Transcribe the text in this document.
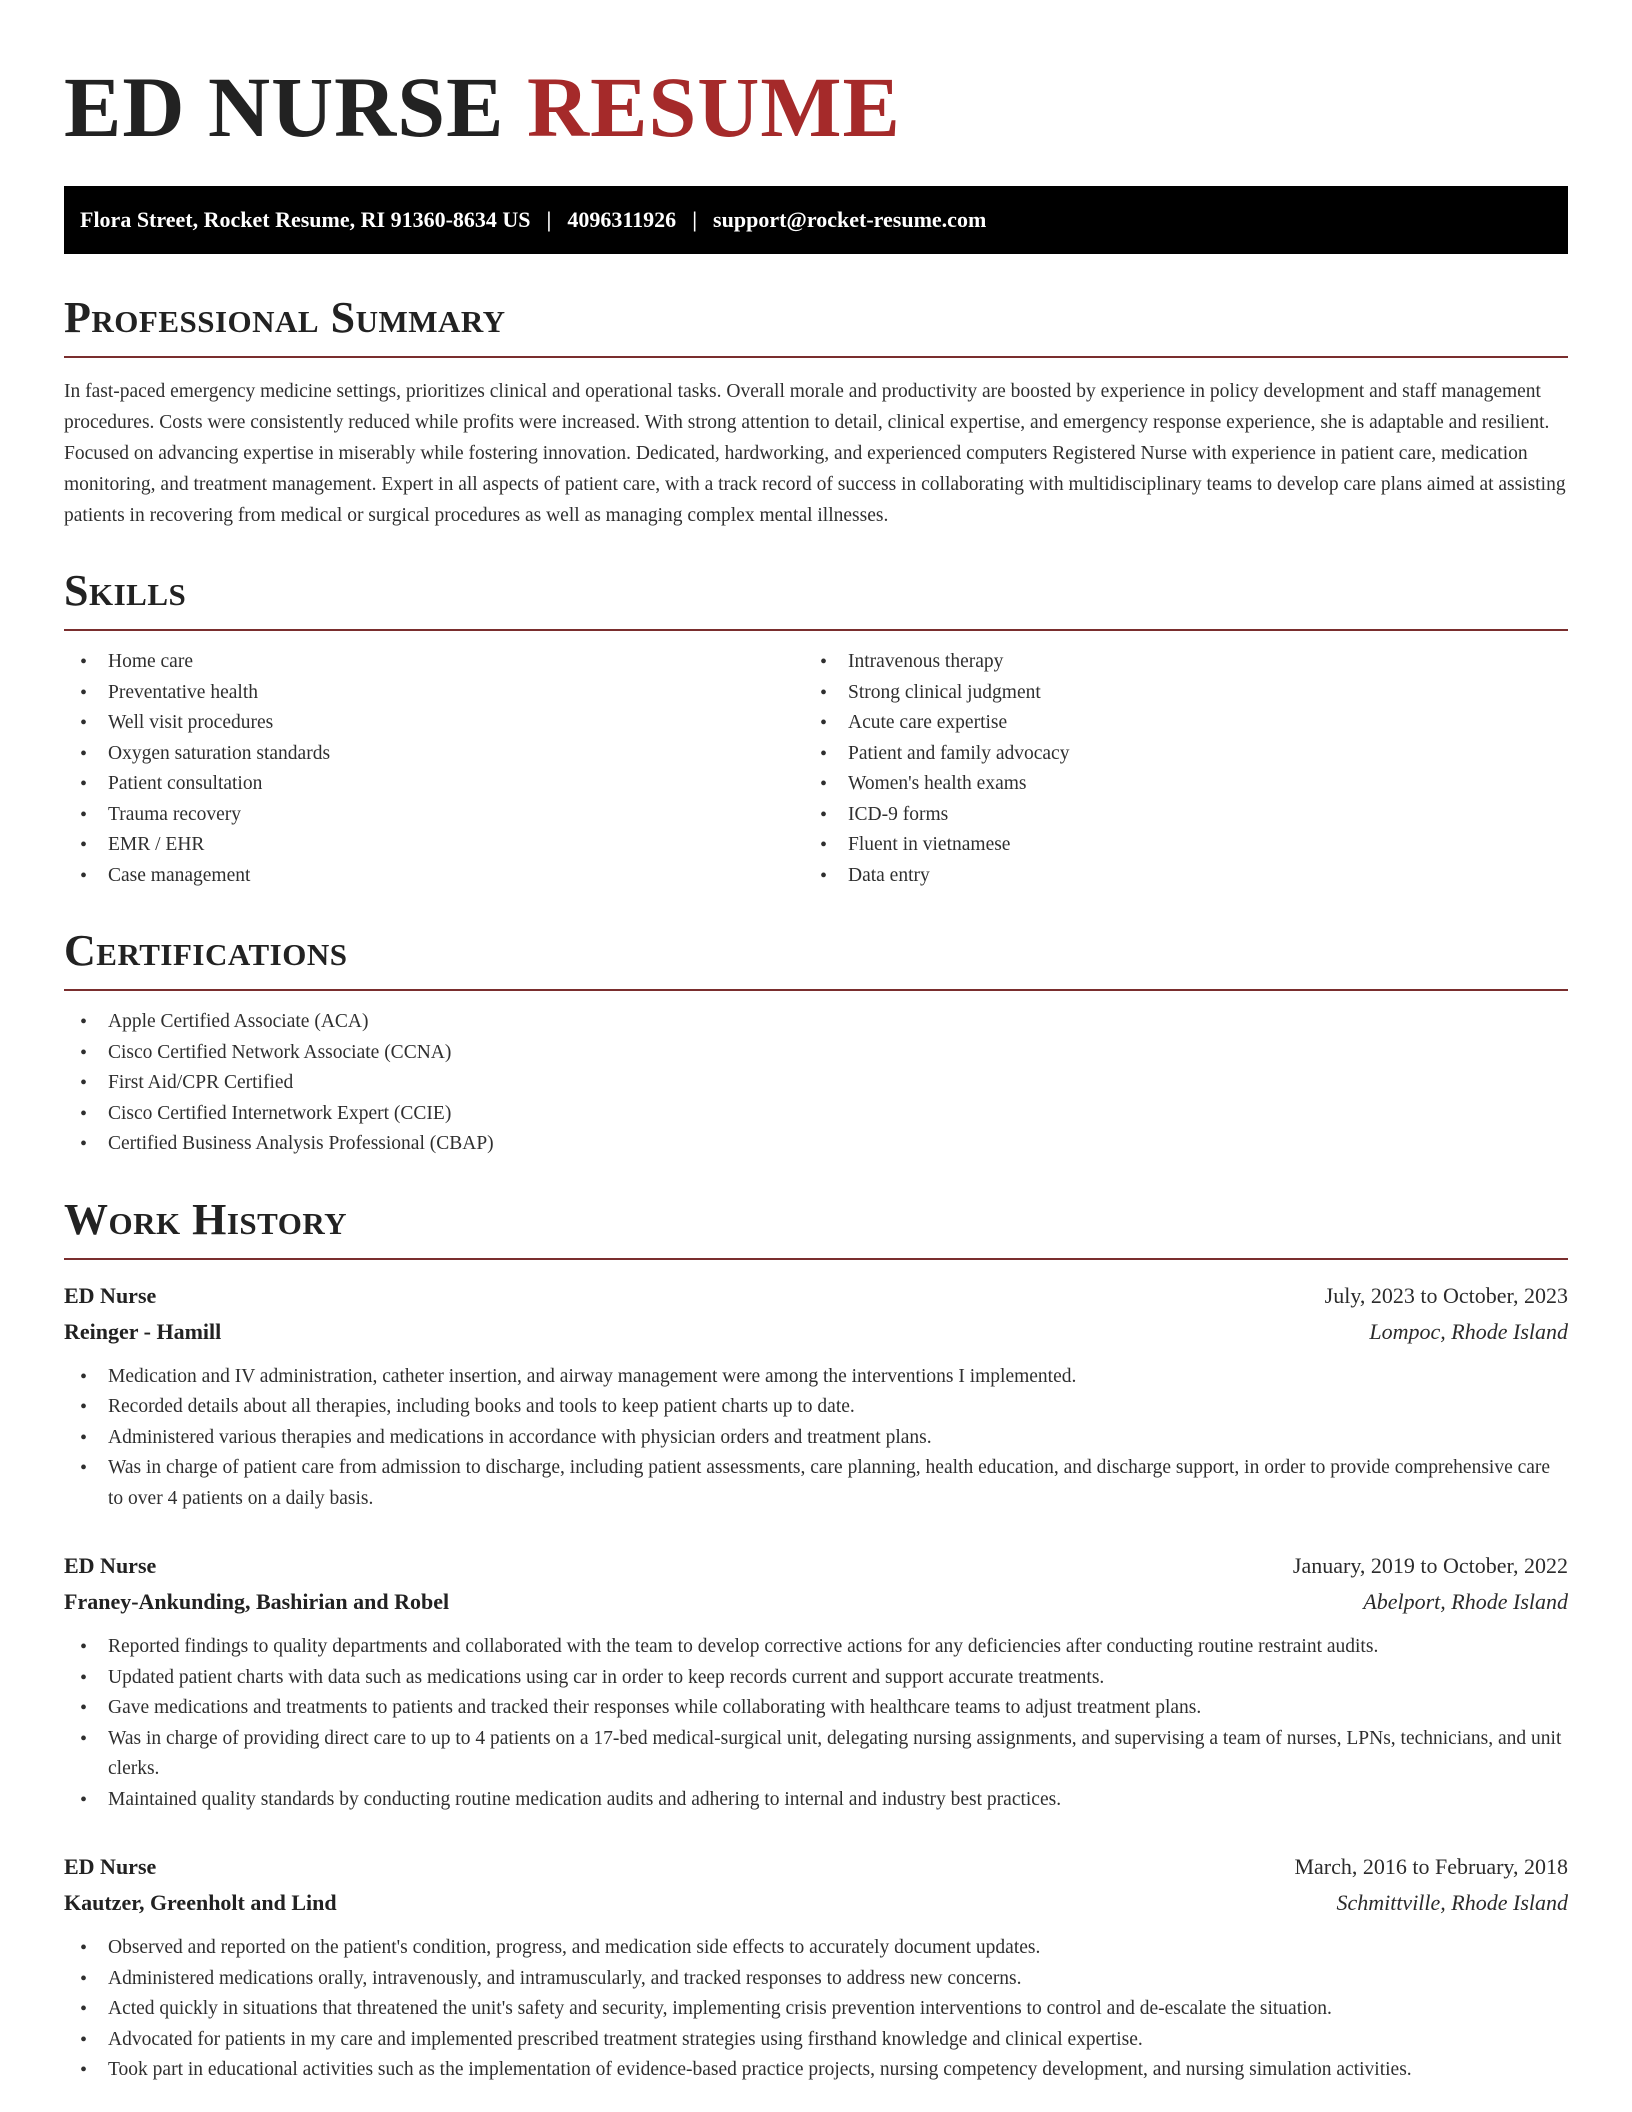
ED NURSE RESUME
Flora Street, Rocket Resume, RI 91360-8634 US | 4096311926 | support@rocket-resume.com
Professional Summary

In fast-paced emergency medicine settings, prioritizes clinical and operational tasks. Overall morale and productivity are boosted by experience in policy development and staff management procedures. Costs were consistently reduced while profits were increased. With strong attention to detail, clinical expertise, and emergency response experience, she is adaptable and resilient. Focused on advancing expertise in miserably while fostering innovation. Dedicated, hardworking, and experienced computers Registered Nurse with experience in patient care, medication monitoring, and treatment management. Expert in all aspects of patient care, with a track record of success in collaborating with multidisciplinary teams to develop care plans aimed at assisting patients in recovering from medical or surgical procedures as well as managing complex mental illnesses.

Skills
• Home care
• Preventative health
• Well visit procedures
• Oxygen saturation standards
• Patient consultation
• Trauma recovery
• EMR / EHR
• Case management
• Intravenous therapy
• Strong clinical judgment
• Acute care expertise
• Patient and family advocacy
• Women's health exams
• ICD-9 forms
• Fluent in vietnamese
• Data entry
Certifications
• Apple Certified Associate (ACA)
• Cisco Certified Network Associate (CCNA)
• First Aid/CPR Certified
• Cisco Certified Internetwork Expert (CCIE)
• Certified Business Analysis Professional (CBAP)
Work History
ED Nurse	July, 2023 to October, 2023
Reinger - Hamill	Lompoc, Rhode Island
• Medication and IV administration, catheter insertion, and airway management were among the interventions I implemented.
• Recorded details about all therapies, including books and tools to keep patient charts up to date.
• Administered various therapies and medications in accordance with physician orders and treatment plans.
• Was in charge of patient care from admission to discharge, including patient assessments, care planning, health education, and discharge support, in order to provide comprehensive care to over 4 patients on a daily basis.
ED Nurse	January, 2019 to October, 2022
Franey-Ankunding, Bashirian and Robel	Abelport, Rhode Island
• Reported findings to quality departments and collaborated with the team to develop corrective actions for any deficiencies after conducting routine restraint audits.
• Updated patient charts with data such as medications using car in order to keep records current and support accurate treatments.
• Gave medications and treatments to patients and tracked their responses while collaborating with healthcare teams to adjust treatment plans.
• Was in charge of providing direct care to up to 4 patients on a 17-bed medical-surgical unit, delegating nursing assignments, and supervising a team of nurses, LPNs, technicians, and unit clerks.
• Maintained quality standards by conducting routine medication audits and adhering to internal and industry best practices.
ED Nurse	March, 2016 to February, 2018
Kautzer, Greenholt and Lind	Schmittville, Rhode Island
• Observed and reported on the patient's condition, progress, and medication side effects to accurately document updates.
• Administered medications orally, intravenously, and intramuscularly, and tracked responses to address new concerns.
• Acted quickly in situations that threatened the unit's safety and security, implementing crisis prevention interventions to control and de-escalate the situation.
• Advocated for patients in my care and implemented prescribed treatment strategies using firsthand knowledge and clinical expertise.
• Took part in educational activities such as the implementation of evidence-based practice projects, nursing competency development, and nursing simulation activities.
